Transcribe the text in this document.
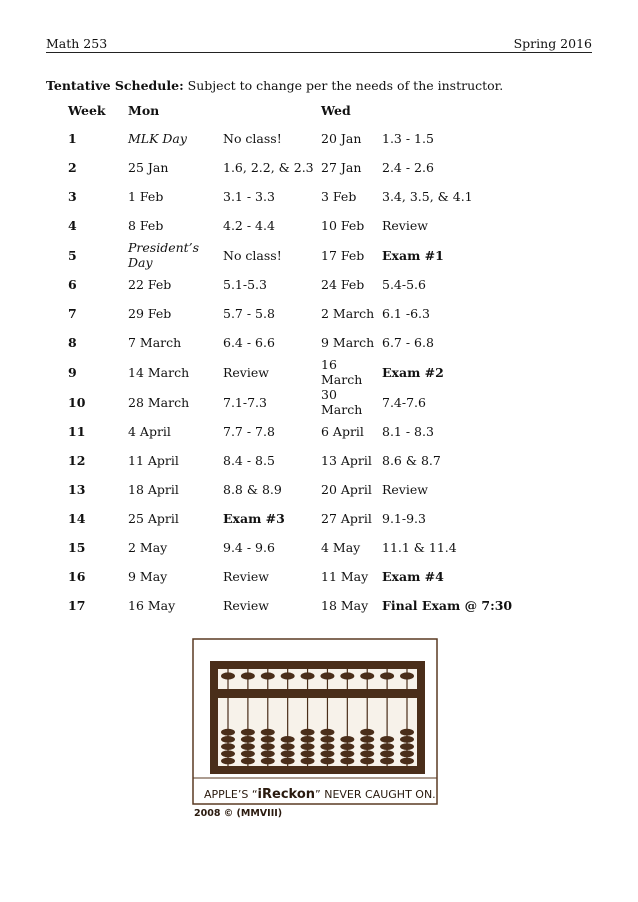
Math 253	Spring 2016
Tentative Schedule: Subject to change per the needs of the instructor.
Week	Mon		Wed	
1	MLK Day	No class!	20 Jan	1.3 - 1.5
2	25 Jan	1.6, 2.2, & 2.3	27 Jan	2.4 - 2.6
3	1 Feb	3.1 - 3.3	3 Feb	3.4, 3.5, & 4.1
4	8 Feb	4.2 - 4.4	10 Feb	Review
5	President’s Day	No class!	17 Feb	Exam #1
6	22 Feb	5.1-5.3	24 Feb	5.4-5.6
7	29 Feb	5.7 - 5.8	2 March	6.1 -6.3
8	7 March	6.4 - 6.6	9 March	6.7 - 6.8
9	14 March	Review	16 March	Exam #2
10	28 March	7.1-7.3	30 March	7.4-7.6
11	4 April	7.7 - 7.8	6 April	8.1 - 8.3
12	11 April	8.4 - 8.5	13 April	8.6 & 8.7
13	18 April	8.8 & 8.9	20 April	Review
14	25 April	Exam #3	27 April	9.1-9.3
15	2 May	9.4 - 9.6	4 May	11.1 & 11.4
16	9 May	Review	11 May	Exam #4
17	16 May	Review	18 May	Final Exam @ 7:30
APPLE’S “iReckon” NEVER CAUGHT ON.
2008 © (MMVIII)
